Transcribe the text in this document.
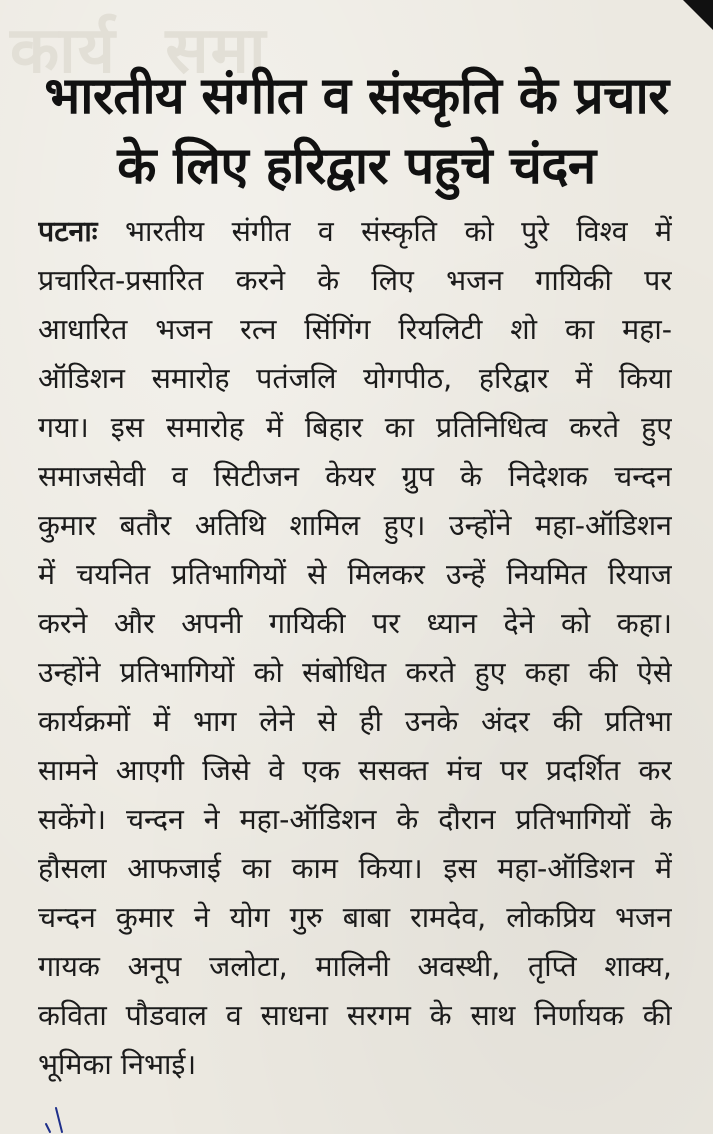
कार्य  समा
भारतीय संगीत व संस्कृति के प्रचार
के लिए हरिद्वार पहुचे चंदन
पटनाः भारतीय संगीत व संस्कृति को पुरे विश्व में
प्रचारित-प्रसारित करने के लिए भजन गायिकी पर
आधारित भजन रत्न सिंगिंग रियलिटी शो का महा-
ऑडिशन समारोह पतंजलि योगपीठ, हरिद्वार में किया
गया। इस समारोह में बिहार का प्रतिनिधित्व करते हुए
समाजसेवी व सिटीजन केयर ग्रुप के निदेशक चन्दन
कुमार बतौर अतिथि शामिल हुए। उन्होंने महा-ऑडिशन
में चयनित प्रतिभागियों से मिलकर उन्हें नियमित रियाज
करने और अपनी गायिकी पर ध्यान देने को कहा।
उन्होंने प्रतिभागियों को संबोधित करते हुए कहा की ऐसे
कार्यक्रमों में भाग लेने से ही उनके अंदर की प्रतिभा
सामने आएगी जिसे वे एक ससक्त मंच पर प्रदर्शित कर
सकेंगे। चन्दन ने महा-ऑडिशन के दौरान प्रतिभागियों के
हौसला आफजाई का काम किया। इस महा-ऑडिशन में
चन्दन कुमार ने योग गुरु बाबा रामदेव, लोकप्रिय भजन
गायक अनूप जलोटा, मालिनी अवस्थी, तृप्ति शाक्य,
कविता पौडवाल व साधना सरगम के साथ निर्णायक की
भूमिका निभाई।
